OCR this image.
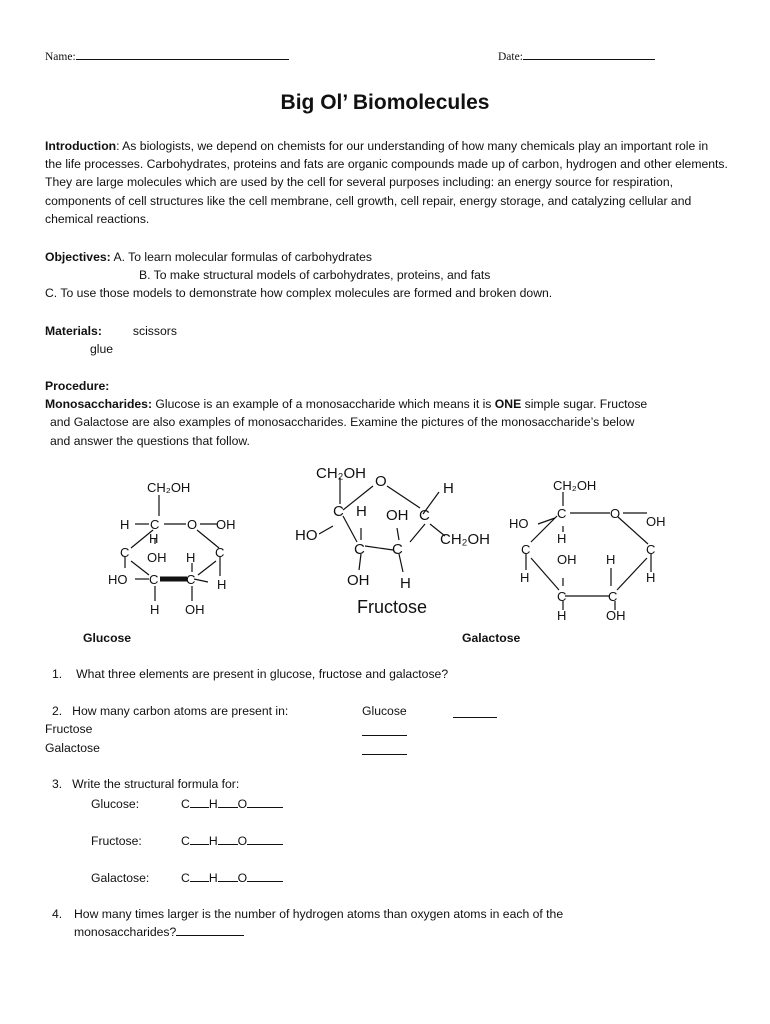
Name:	Date:
Big Ol’ Biomolecules
Introduction: As biologists, we depend on chemists for our understanding of how many chemicals play an important role in the life processes. Carbohydrates, proteins and fats are organic compounds made up of carbon, hydrogen and other elements. They are large molecules which are used by the cell for several purposes including: an energy source for respiration, components of cell structures like the cell membrane, cell growth, cell repair, energy storage, and catalyzing cellular and chemical reactions.
Objectives: A. To learn molecular formulas of carbohydrates
B. To make structural models of carbohydrates, proteins, and fats
C. To use those models to demonstrate how complex molecules are formed and broken down.
Materials:	scissors
glue
Procedure:
Monosaccharides: Glucose is an example of a monosaccharide which means it is ONE simple sugar. Fructose
and Galactose are also examples of monosaccharides. Examine the pictures of the monosaccharide’s below
and answer the questions that follow.
CH₂OH
H C O OH
H
C OH H C
HO C C H
H OH
CH₂OH O	H
C H OH C
HO
C C
CH₂OH
OH H
Fructose
CH₂OH
HO
C
H
O
OH
C
OH H
C
H
C	C
H
H	OH
Glucose	Galactose
1. What three elements are present in glucose, fructose and galactose?
2. How many carbon atoms are present in:	Glucose
Fructose
Galactose
3. Write the structural formula for:
Glucose:	C H O
Fructose:	C H O
Galactose:	C H O
4. How many times larger is the number of hydrogen atoms than oxygen atoms in each of the
monosaccharides?
